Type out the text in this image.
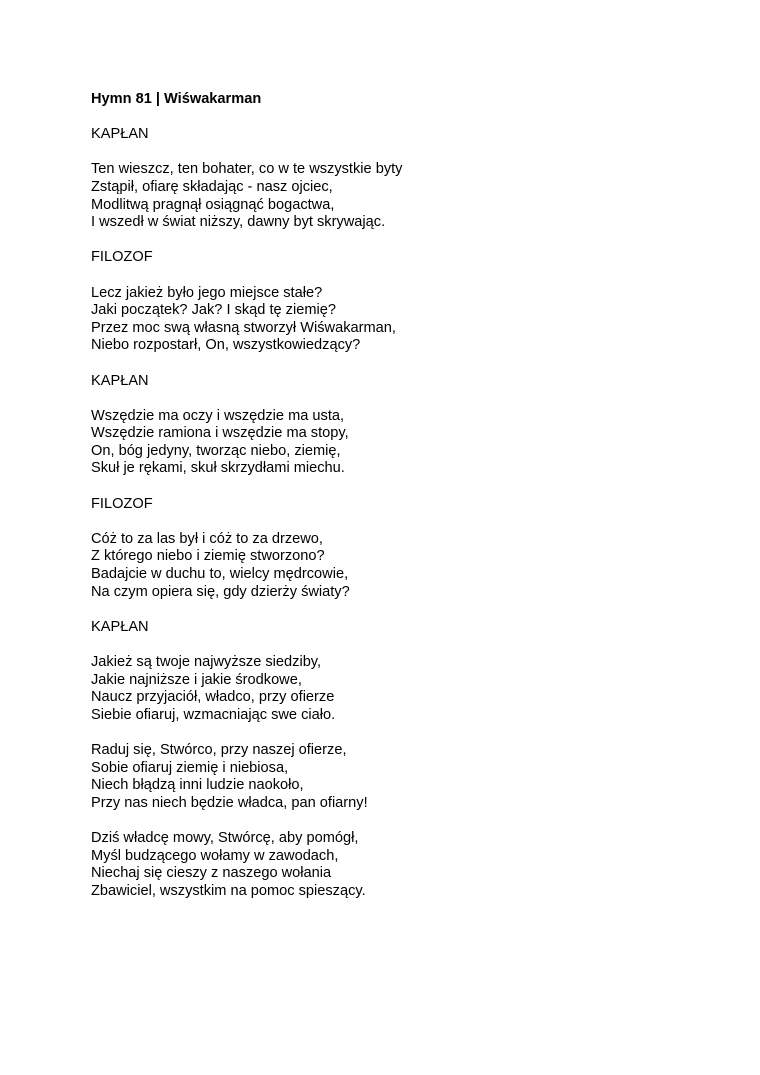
Hymn 81 | Wiśwakarman
KAPŁAN
Ten wieszcz, ten bohater, co w te wszystkie byty
Zstąpił, ofiarę składając - nasz ojciec,
Modlitwą pragnął osiągnąć bogactwa,
I wszedł w świat niższy, dawny byt skrywając.
FILOZOF
Lecz jakież było jego miejsce stałe?
Jaki początek? Jak? I skąd tę ziemię?
Przez moc swą własną stworzył Wiśwakarman,
Niebo rozpostarł, On, wszystkowiedzący?
KAPŁAN
Wszędzie ma oczy i wszędzie ma usta,
Wszędzie ramiona i wszędzie ma stopy,
On, bóg jedyny, tworząc niebo, ziemię,
Skuł je rękami, skuł skrzydłami miechu.
FILOZOF
Cóż to za las był i cóż to za drzewo,
Z którego niebo i ziemię stworzono?
Badajcie w duchu to, wielcy mędrcowie,
Na czym opiera się, gdy dzierży światy?
KAPŁAN
Jakież są twoje najwyższe siedziby,
Jakie najniższe i jakie środkowe,
Naucz przyjaciół, władco, przy ofierze
Siebie ofiaruj, wzmacniając swe ciało.
Raduj się, Stwórco, przy naszej ofierze,
Sobie ofiaruj ziemię i niebiosa,
Niech błądzą inni ludzie naokoło,
Przy nas niech będzie władca, pan ofiarny!
Dziś władcę mowy, Stwórcę, aby pomógł,
Myśl budzącego wołamy w zawodach,
Niechaj się cieszy z naszego wołania
Zbawiciel, wszystkim na pomoc spieszący.
